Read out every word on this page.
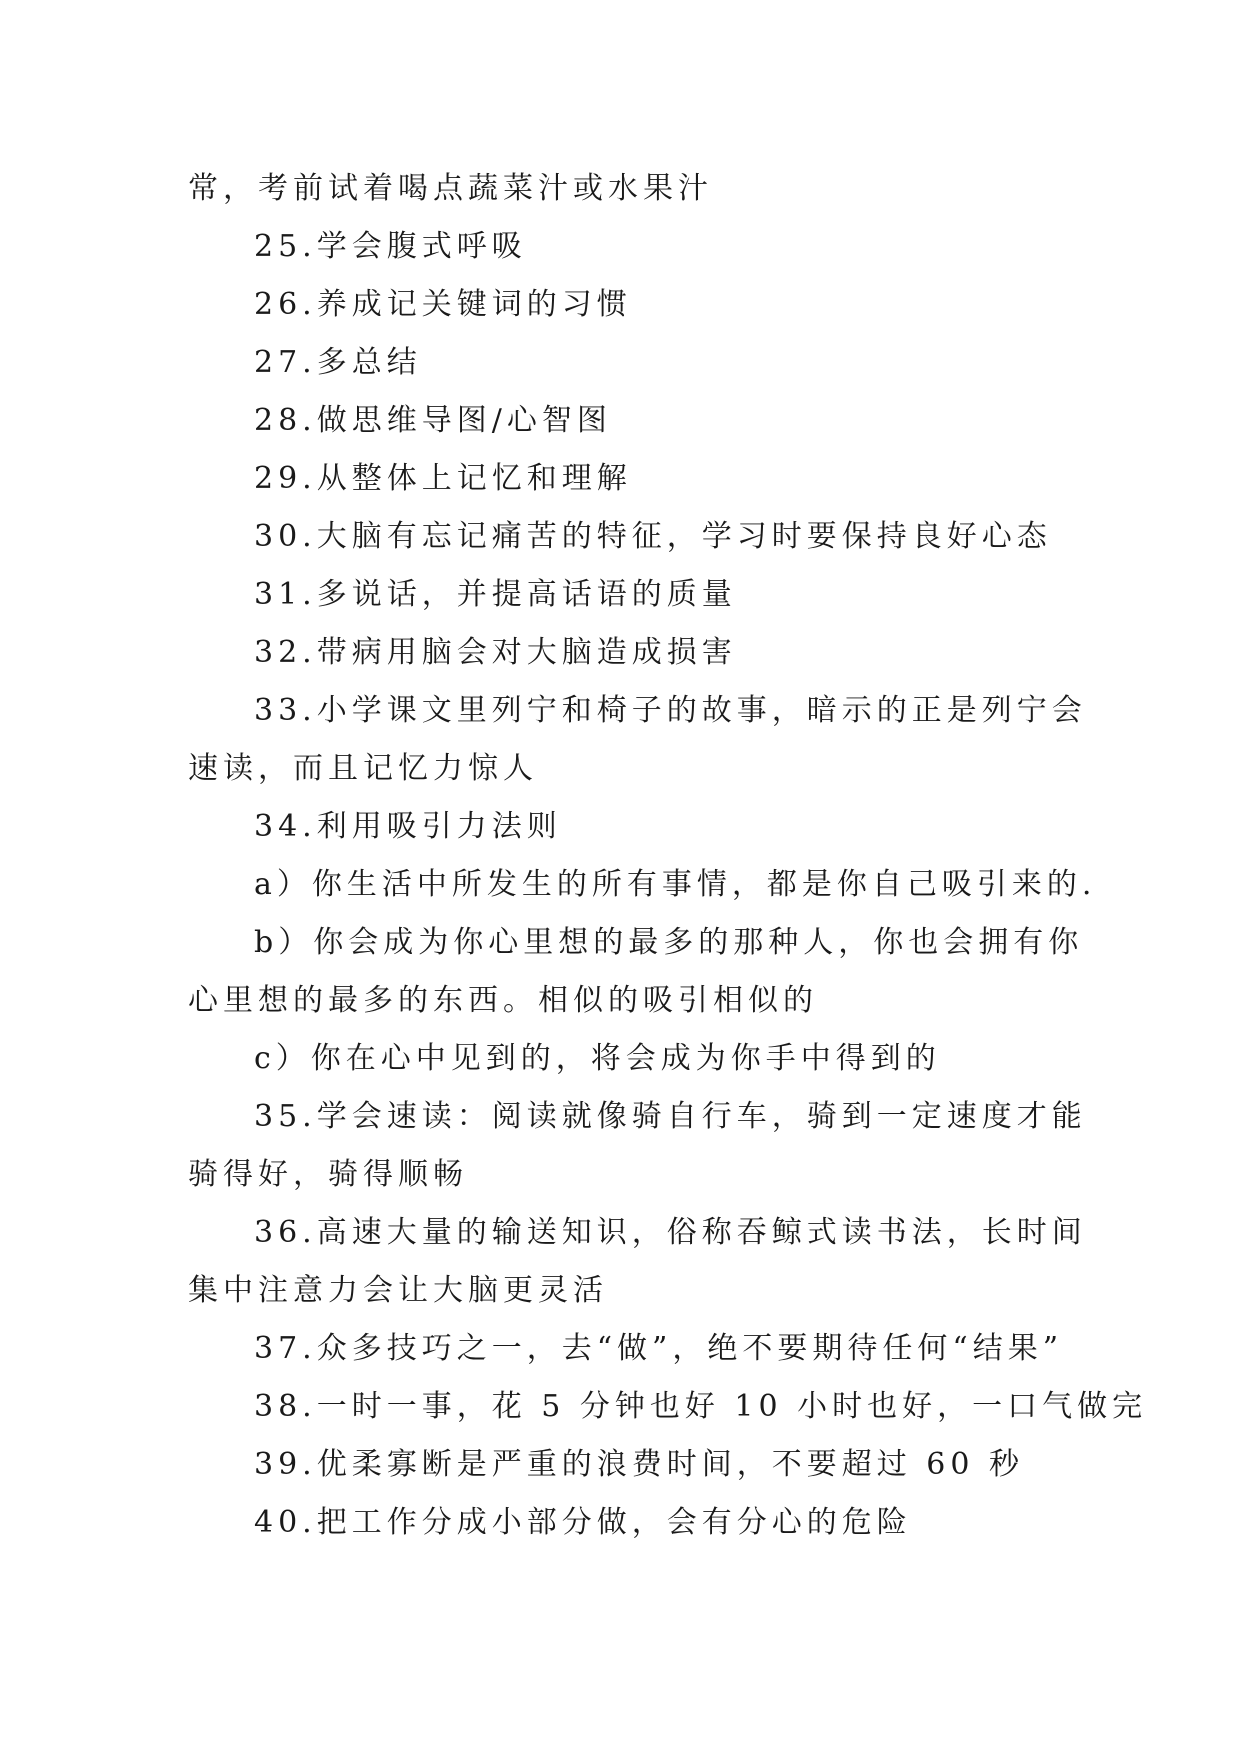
常，考前试着喝点蔬菜汁或水果汁

25.学会腹式呼吸

26.养成记关键词的习惯

27.多总结

28.做思维导图/心智图

29.从整体上记忆和理解

30.大脑有忘记痛苦的特征，学习时要保持良好心态

31.多说话，并提高话语的质量

32.带病用脑会对大脑造成损害

33.小学课文里列宁和椅子的故事，暗示的正是列宁会

速读，而且记忆力惊人

34.利用吸引力法则

a）你生活中所发生的所有事情，都是你自己吸引来的.

b）你会成为你心里想的最多的那种人，你也会拥有你

心里想的最多的东西。相似的吸引相似的

c）你在心中见到的，将会成为你手中得到的

35.学会速读：阅读就像骑自行车，骑到一定速度才能

骑得好，骑得顺畅

36.高速大量的输送知识，俗称吞鲸式读书法，长时间

集中注意力会让大脑更灵活

37.众多技巧之一，去“做”，绝不要期待任何“结果”

38.一时一事，花 5 分钟也好 10 小时也好，一口气做完

39.优柔寡断是严重的浪费时间，不要超过 60 秒

40.把工作分成小部分做，会有分心的危险
